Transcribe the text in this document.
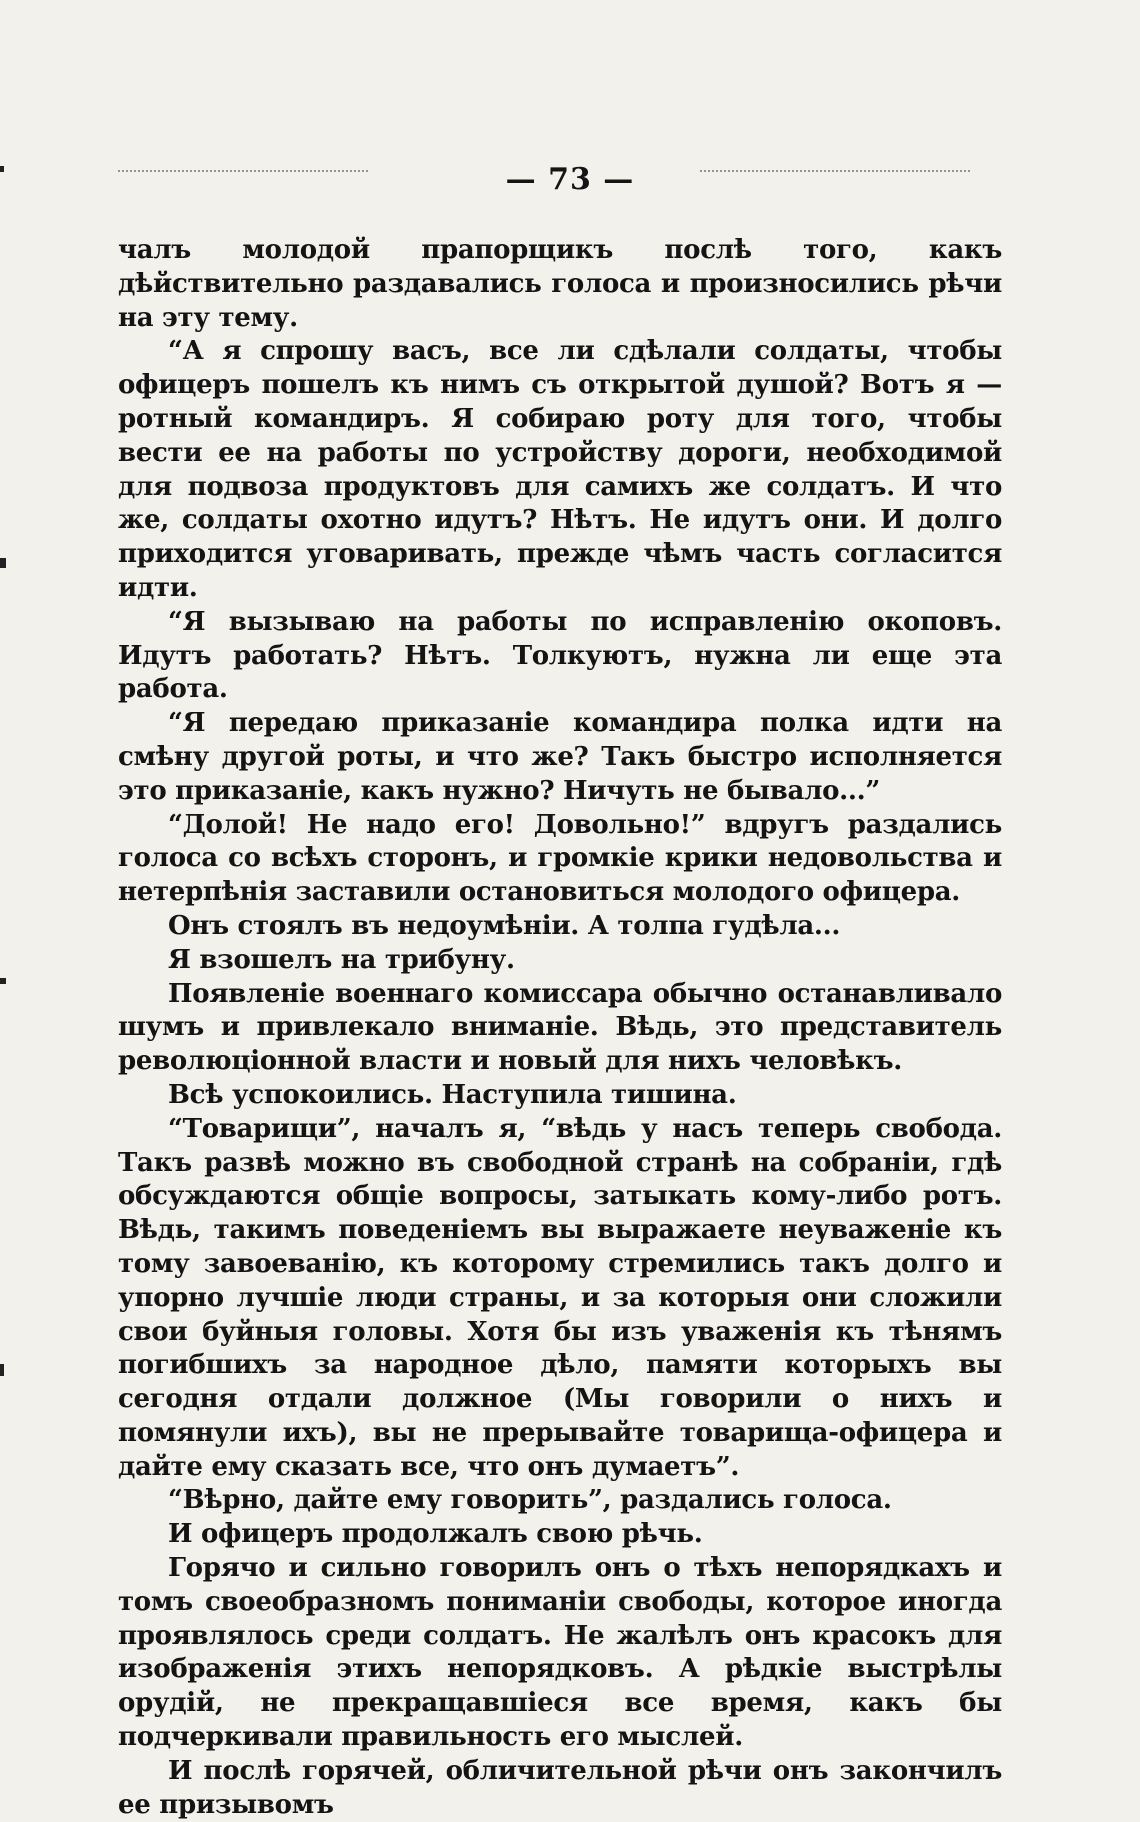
— 73 —

чалъ молодой прапорщикъ послѣ того, какъ дѣйствительно раздавались голоса и произносились рѣчи на эту тему.

“А я спрошу васъ, все ли сдѣлали солдаты, чтобы офицеръ пошелъ къ нимъ съ открытой душой? Вотъ я — ротный командиръ. Я собираю роту для того, чтобы вести ее на работы по устройству дороги, необходимой для подвоза продуктовъ для самихъ же солдатъ. И что же, солдаты охотно идутъ? Нѣтъ. Не идутъ они. И долго приходится уговаривать, прежде чѣмъ часть согласится идти.

“Я вызываю на работы по исправленію окоповъ. Идутъ работать? Нѣтъ. Толкуютъ, нужна ли еще эта работа.

“Я передаю приказаніе командира полка идти на смѣну другой роты, и что же? Такъ быстро исполняется это приказаніе, какъ нужно? Ничуть не бывало...”

“Долой! Не надо его! Довольно!” вдругъ раздались голоса со всѣхъ сторонъ, и громкіе крики недовольства и нетерпѣнія заставили остановиться молодого офицера.

Онъ стоялъ въ недоумѣніи. А толпа гудѣла...

Я взошелъ на трибуну.

Появленіе военнаго комиссара обычно останавливало шумъ и привлекало вниманіе. Вѣдь, это представитель революціонной власти и новый для нихъ человѣкъ.

Всѣ успокоились. Наступила тишина.

“Товарищи”, началъ я, “вѣдь у насъ теперь свобода. Такъ развѣ можно въ свободной странѣ на собраніи, гдѣ обсуждаются общіе вопросы, затыкать кому-либо ротъ. Вѣдь, такимъ поведеніемъ вы выражаете неуваженіе къ тому завоеванію, къ которому стремились такъ долго и упорно лучшіе люди страны, и за которыя они сложили свои буйныя головы. Хотя бы изъ уваженія къ тѣнямъ погибшихъ за народное дѣло, памяти которыхъ вы сегодня отдали должное (Мы говорили о нихъ и помянули ихъ), вы не прерывайте товарища-офицера и дайте ему сказать все, что онъ думаетъ”.

“Вѣрно, дайте ему говорить”, раздались голоса.

И офицеръ продолжалъ свою рѣчь.

Горячо и сильно говорилъ онъ о тѣхъ непорядкахъ и томъ своеобразномъ пониманіи свободы, которое иногда проявлялось среди солдатъ. Не жалѣлъ онъ красокъ для изображенія этихъ непорядковъ. А рѣдкіе выстрѣлы орудій, не прекращавшіеся все время, какъ бы подчеркивали правильность его мыслей.

И послѣ горячей, обличительной рѣчи онъ закончилъ ее призывомъ
